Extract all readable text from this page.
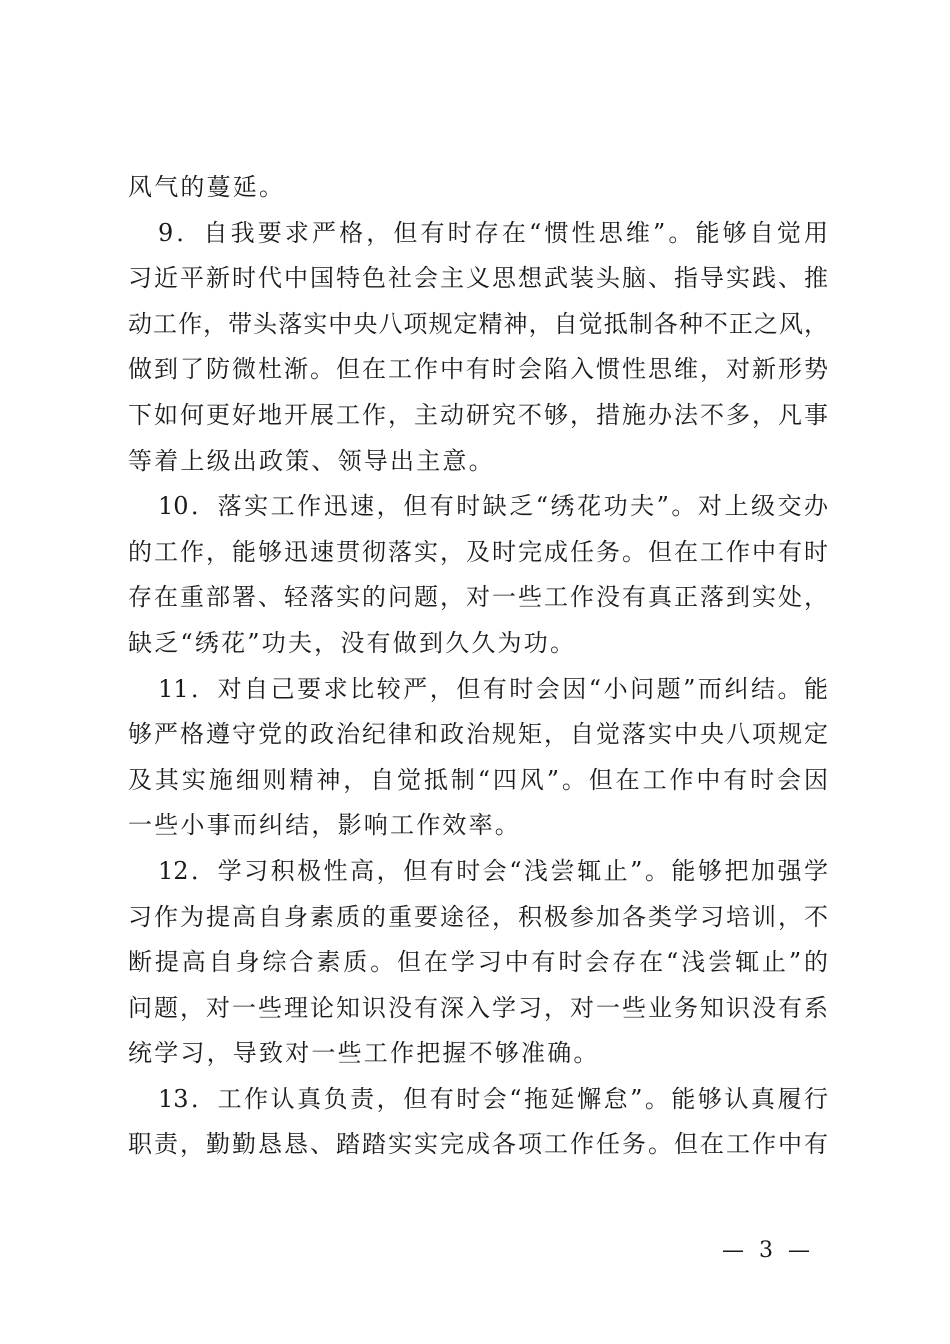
风气的蔓延。
9．自我要求严格，但有时存在“惯性思维”。能够自觉用
习近平新时代中国特色社会主义思想武装头脑、指导实践、推
动工作，带头落实中央八项规定精神，自觉抵制各种不正之风，
做到了防微杜渐。但在工作中有时会陷入惯性思维，对新形势
下如何更好地开展工作，主动研究不够，措施办法不多，凡事
等着上级出政策、领导出主意。
10．落实工作迅速，但有时缺乏“绣花功夫”。对上级交办
的工作，能够迅速贯彻落实，及时完成任务。但在工作中有时
存在重部署、轻落实的问题，对一些工作没有真正落到实处，
缺乏“绣花”功夫，没有做到久久为功。
11．对自己要求比较严，但有时会因“小问题”而纠结。能
够严格遵守党的政治纪律和政治规矩，自觉落实中央八项规定
及其实施细则精神，自觉抵制“四风”。但在工作中有时会因
一些小事而纠结，影响工作效率。
12．学习积极性高，但有时会“浅尝辄止”。能够把加强学
习作为提高自身素质的重要途径，积极参加各类学习培训，不
断提高自身综合素质。但在学习中有时会存在“浅尝辄止”的
问题，对一些理论知识没有深入学习，对一些业务知识没有系
统学习，导致对一些工作把握不够准确。
13．工作认真负责，但有时会“拖延懈怠”。能够认真履行
职责，勤勤恳恳、踏踏实实完成各项工作任务。但在工作中有
— 3 —
